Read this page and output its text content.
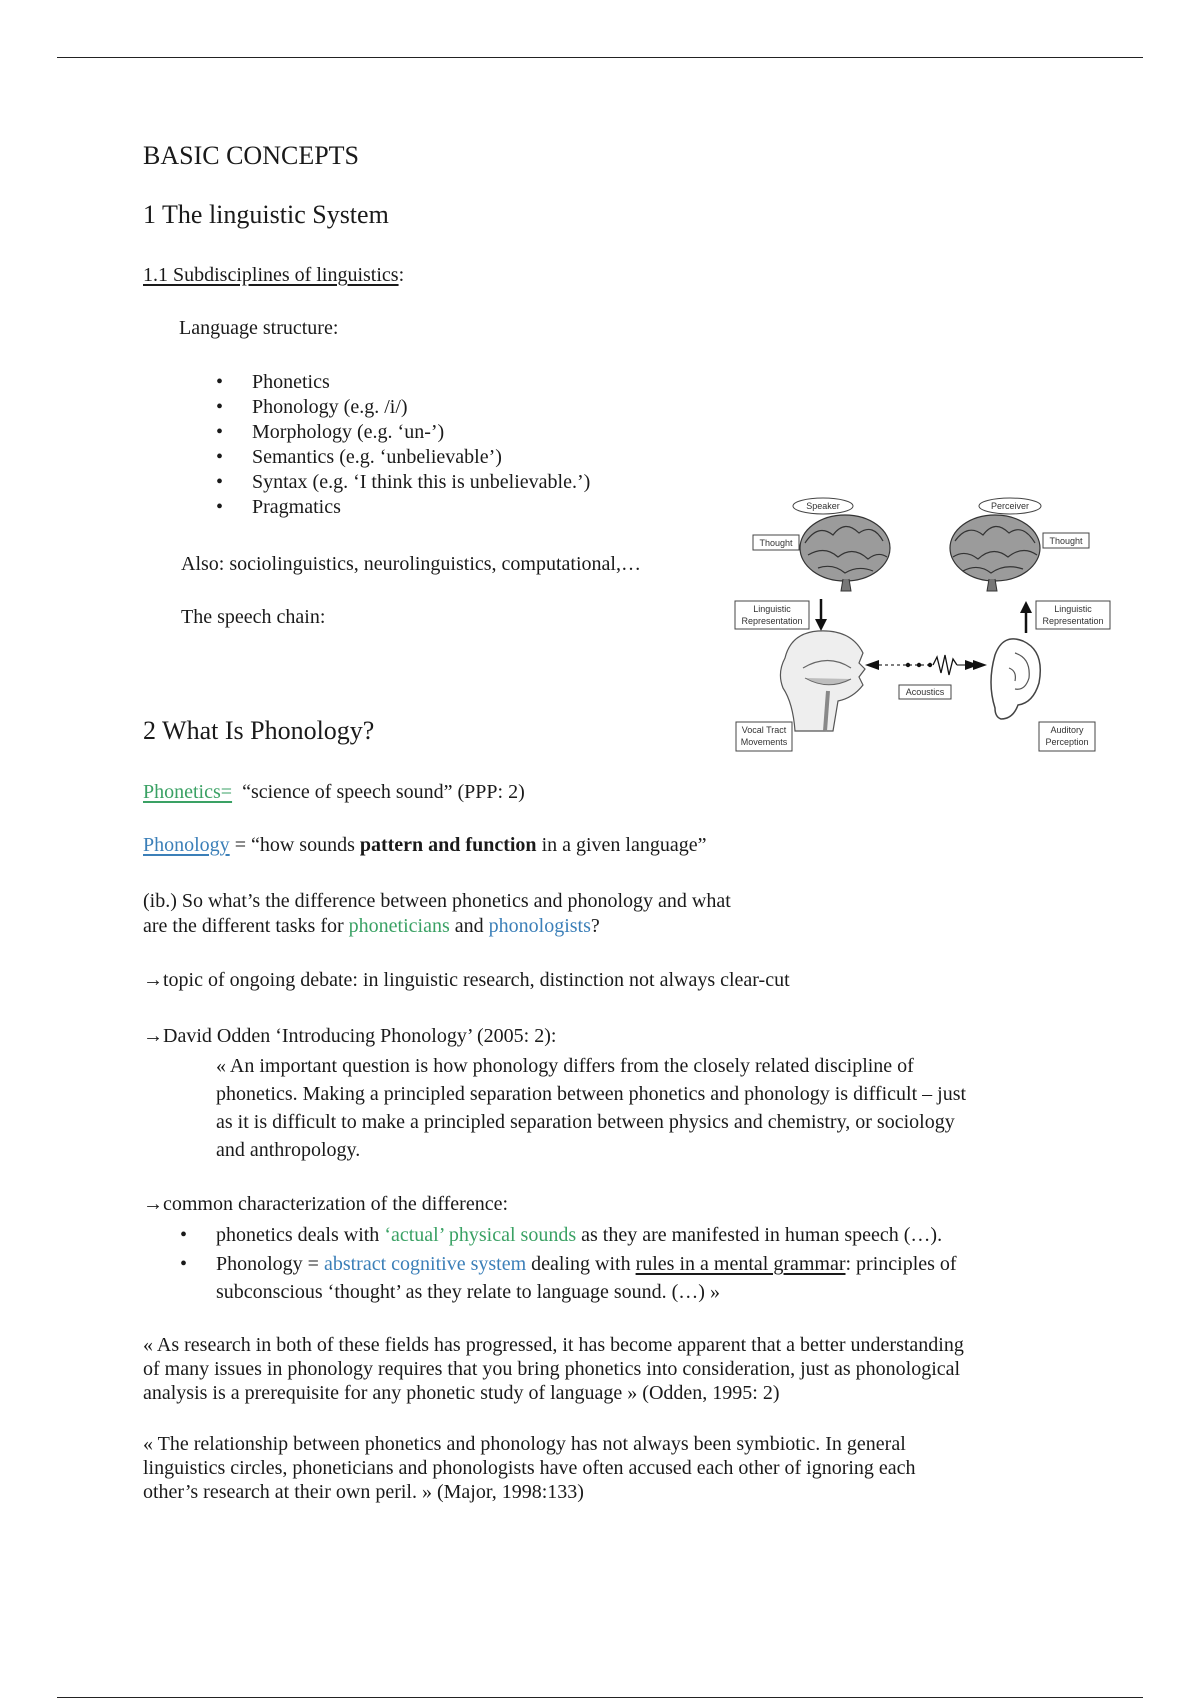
BASIC CONCEPTS
1 The linguistic System
1.1 Subdisciplines of linguistics:
Language structure:
• Phonetics
• Phonology (e.g. /i/)
• Morphology (e.g. ‘un-’)
• Semantics (e.g. ‘unbelievable’)
• Syntax (e.g. ‘I think this is unbelievable.’)
• Pragmatics
Also: sociolinguistics, neurolinguistics, computational,…
The speech chain:
Speaker	Perceiver
Thought	Thought
Linguistic
Representation
Linguistic
Representation
Acoustics
Vocal Tract
Movements
Auditory
Perception
2 What Is Phonology?
Phonetics=  “science of speech sound” (PPP: 2)
Phonology = “how sounds pattern and function in a given language”
(ib.) So what’s the difference between phonetics and phonology and what
are the different tasks for phoneticians and phonologists?
→topic of ongoing debate: in linguistic research, distinction not always clear-cut
→David Odden ‘Introducing Phonology’ (2005: 2):
« An important question is how phonology differs from the closely related discipline of
phonetics. Making a principled separation between phonetics and phonology is difficult – just
as it is difficult to make a principled separation between physics and chemistry, or sociology
and anthropology.
→common characterization of the difference:
• phonetics deals with ‘actual’ physical sounds as they are manifested in human speech (…).
• Phonology = abstract cognitive system dealing with rules in a mental grammar: principles of
subconscious ‘thought’ as they relate to language sound. (…) »
« As research in both of these fields has progressed, it has become apparent that a better understanding
of many issues in phonology requires that you bring phonetics into consideration, just as phonological
analysis is a prerequisite for any phonetic study of language » (Odden, 1995: 2)
« The relationship between phonetics and phonology has not always been symbiotic. In general
linguistics circles, phoneticians and phonologists have often accused each other of ignoring each
other’s research at their own peril. » (Major, 1998:133)
